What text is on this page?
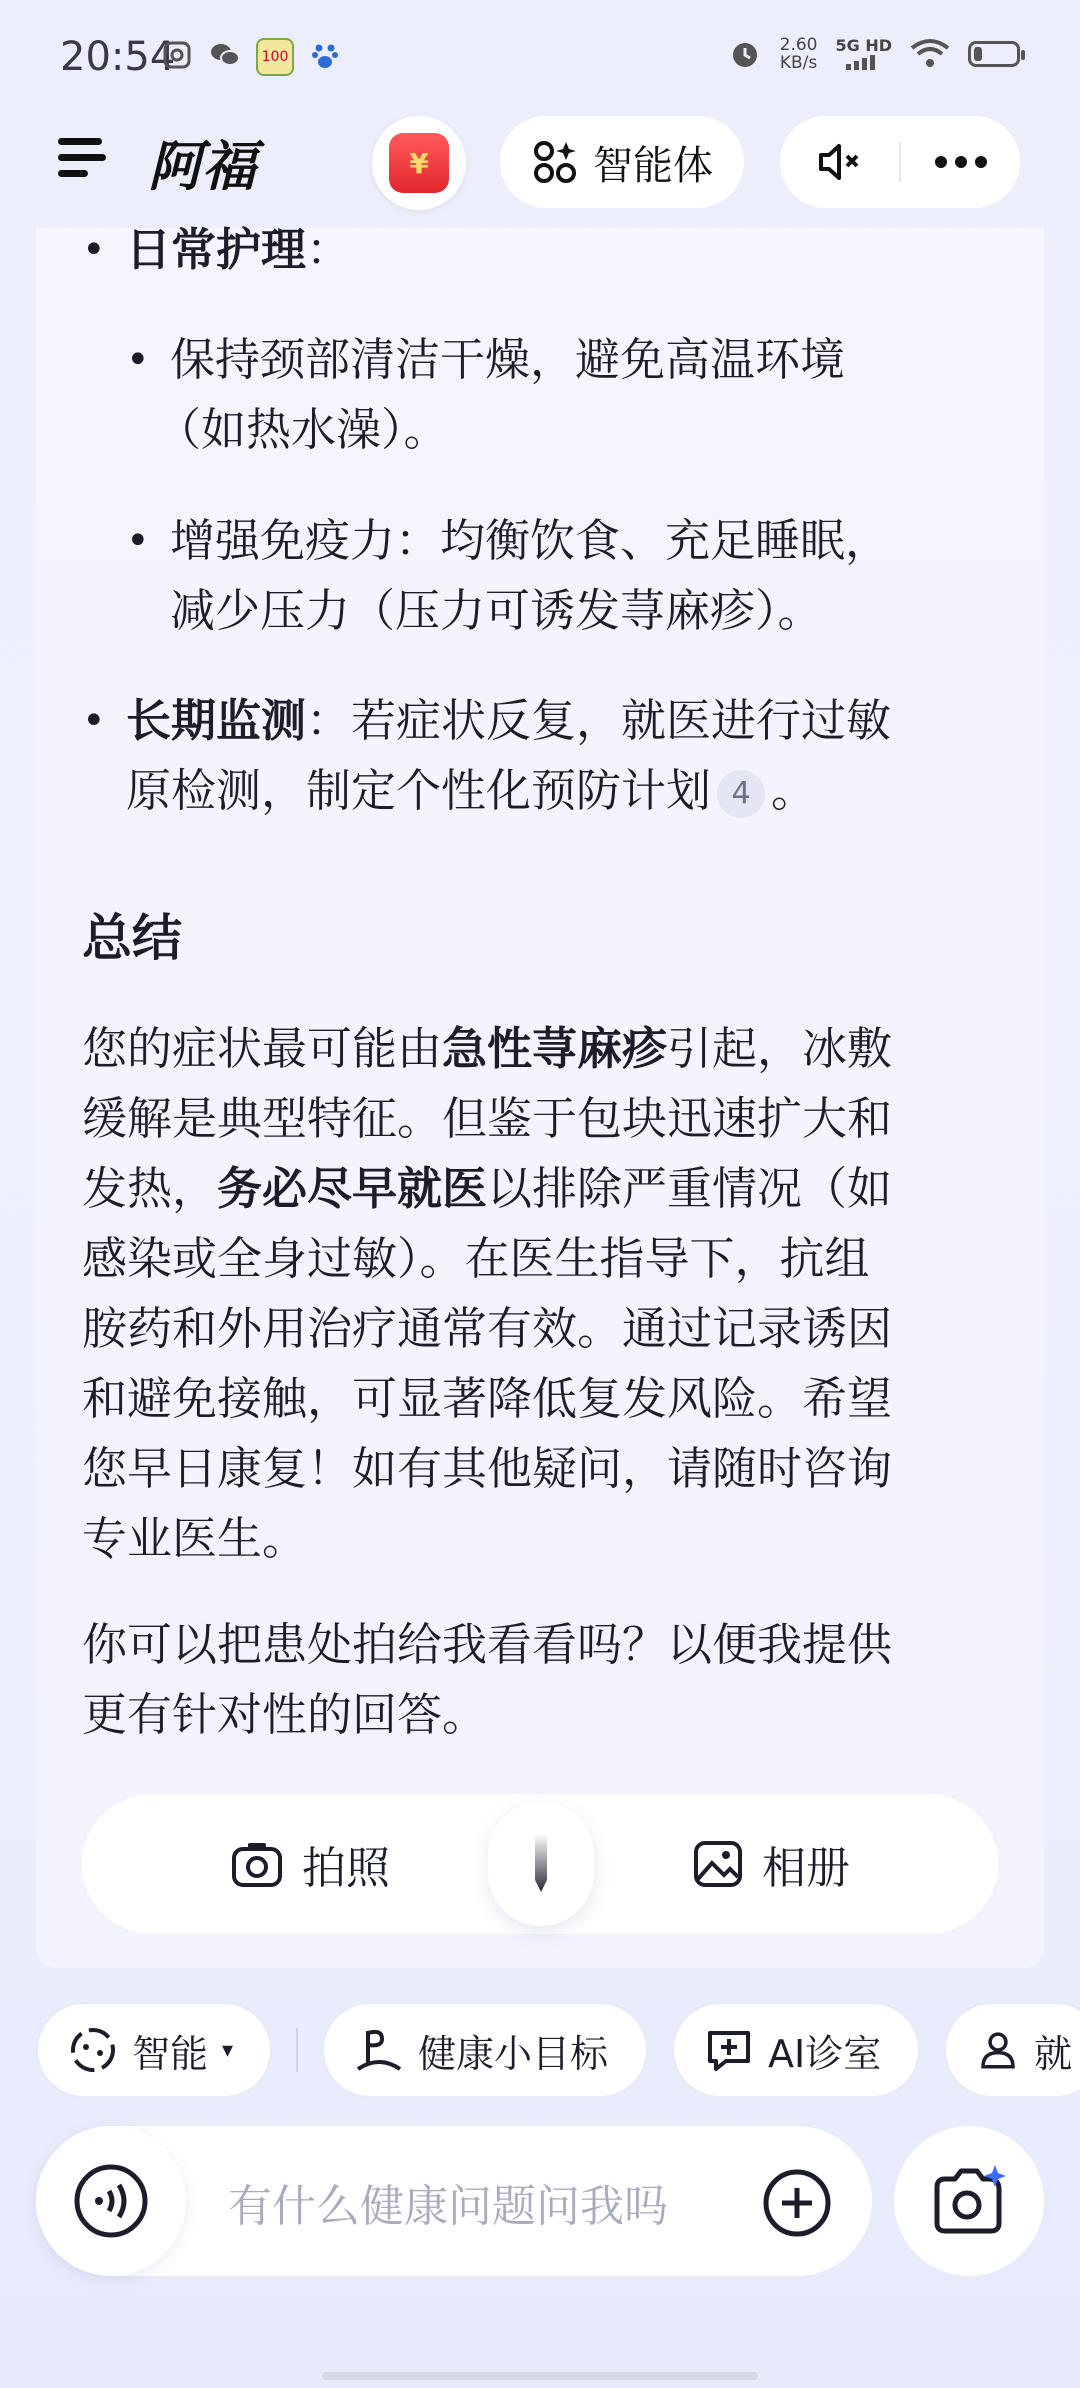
20:54	100
2.60
KB/s
5G HD
阿福	¥	智能体
• 日常护理：
• 保持颈部清洁干燥，避免高温环境
（如热水澡）。
• 增强免疫力：均衡饮食、充足睡眠，
减少压力（压力可诱发荨麻疹）。
• 长期监测：若症状反复，就医进行过敏
原检测，制定个性化预防计划 4 。
总结
您的症状最可能由急性荨麻疹引起，冰敷
缓解是典型特征。但鉴于包块迅速扩大和
发热，务必尽早就医以排除严重情况（如
感染或全身过敏）。在医生指导下，抗组
胺药和外用治疗通常有效。通过记录诱因
和避免接触，可显著降低复发风险。希望
您早日康复！如有其他疑问，请随时咨询
专业医生。
你可以把患处拍给我看看吗？以便我提供
更有针对性的回答。
拍照	相册
智能 ▾	健康小目标	AI诊室	就
有什么健康问题问我吗
